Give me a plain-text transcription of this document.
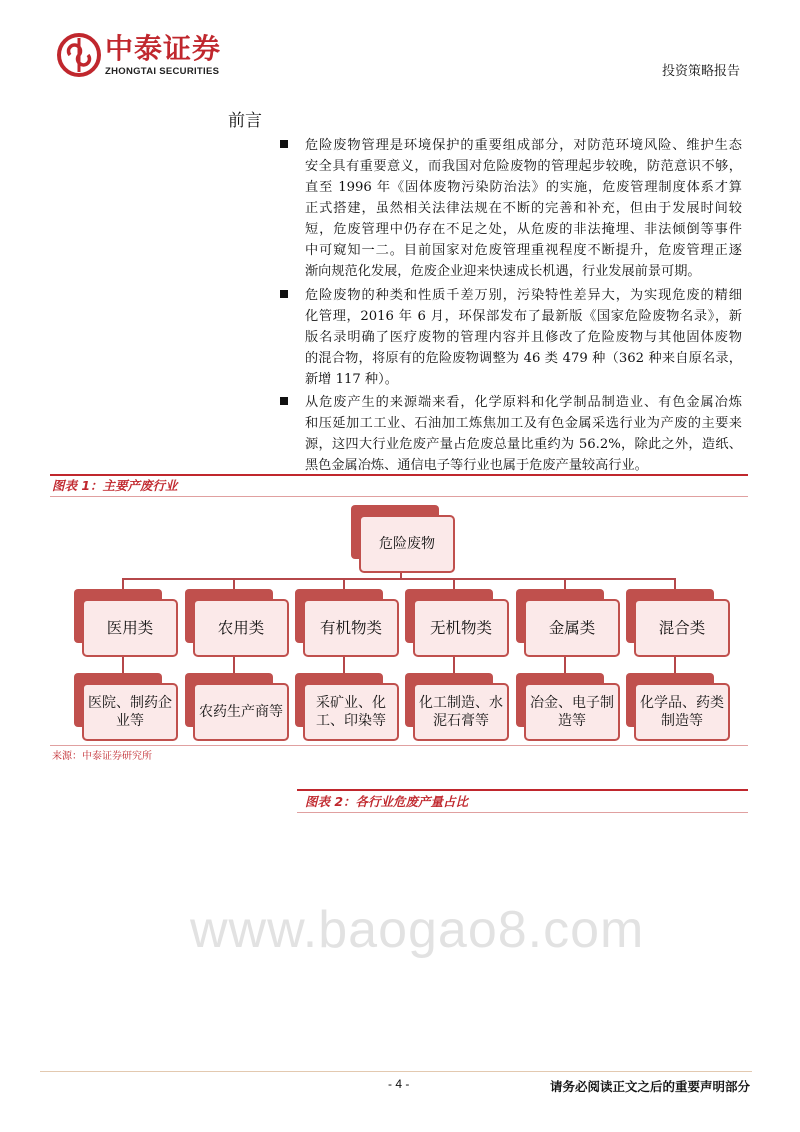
中泰证券
ZHONGTAI SECURITIES	投资策略报告
前言
危险废物管理是环境保护的重要组成部分，对防范环境风险、维护生态
安全具有重要意义，而我国对危险废物的管理起步较晚，防范意识不够，
直至 1996 年《固体废物污染防治法》的实施，危废管理制度体系才算
正式搭建，虽然相关法律法规在不断的完善和补充，但由于发展时间较
短，危废管理中仍存在不足之处，从危废的非法掩埋、非法倾倒等事件
中可窥知一二。目前国家对危废管理重视程度不断提升，危废管理正逐
渐向规范化发展，危废企业迎来快速成长机遇，行业发展前景可期。
危险废物的种类和性质千差万别，污染特性差异大，为实现危废的精细
化管理，2016 年 6 月，环保部发布了最新版《国家危险废物名录》，新
版名录明确了医疗废物的管理内容并且修改了危险废物与其他固体废物
的混合物，将原有的危险废物调整为 46 类 479 种（362 种来自原名录，
新增 117 种）。
从危废产生的来源端来看，化学原料和化学制品制造业、有色金属冶炼
和压延加工工业、石油加工炼焦加工及有色金属采选行业为产废的主要来
源，这四大行业危废产量占危废总量比重约为 56.2%，除此之外，造纸、
黑色金属冶炼、通信电子等行业也属于危废产量较高行业。
图表 1：主要产废行业
www.baogao8.com
危险废物
医用类
医院、制药企业等
农用类
农药生产商等
有机物类
采矿业、化工、印染等
无机物类
化工制造、水泥石膏等
金属类
冶金、电子制造等
混合类
化学品、药类制造等
来源：中泰证券研究所
图表 2：各行业危废产量占比
- 4 -	请务必阅读正文之后的重要声明部分
